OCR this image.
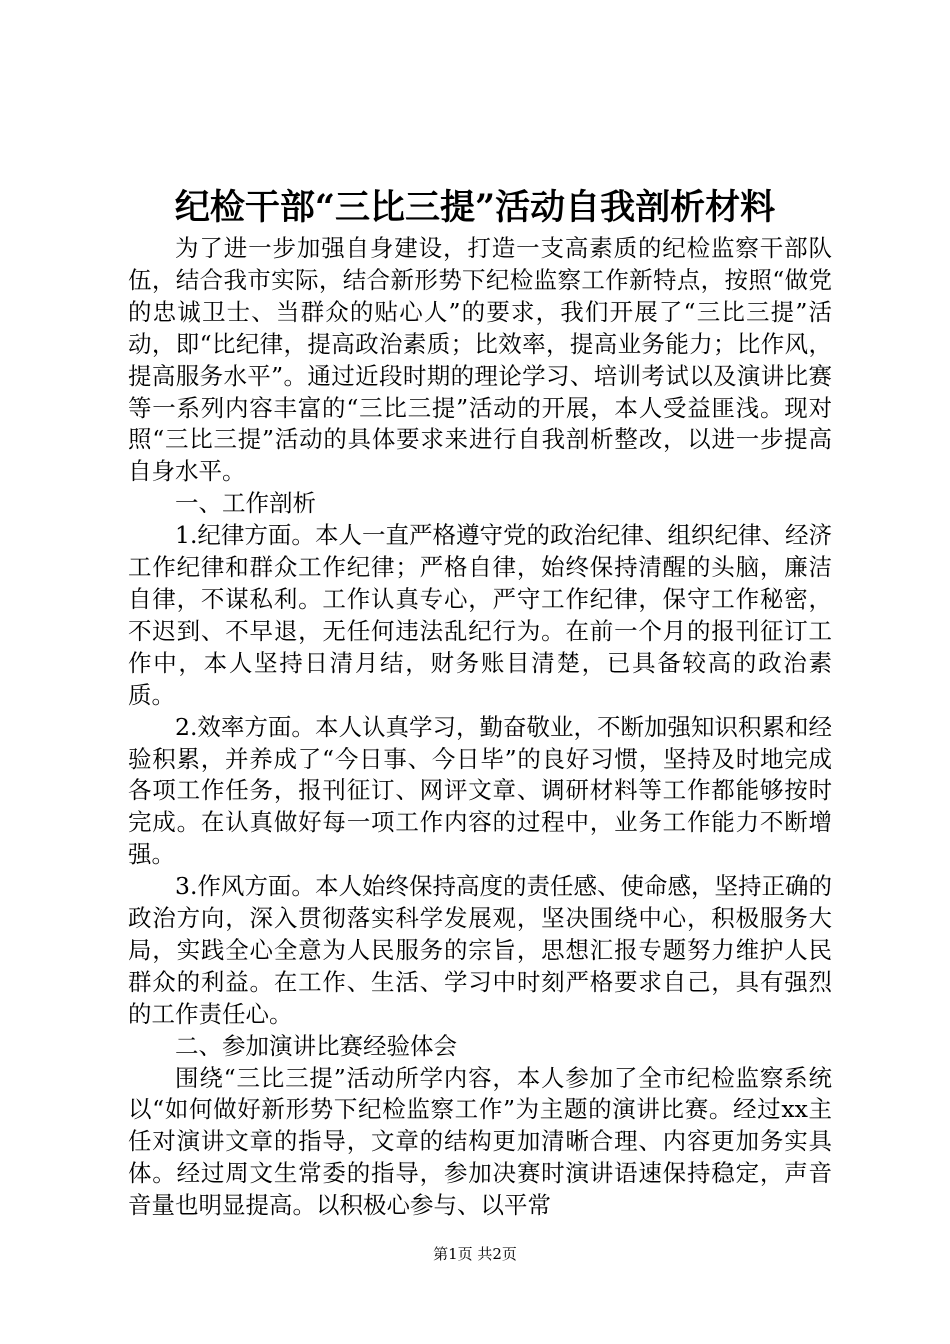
纪检干部“三比三提”活动自我剖析材料

为了进一步加强自身建设，打造一支高素质的纪检监察干部队伍，结合我市实际，结合新形势下纪检监察工作新特点，按照“做党的忠诚卫士、当群众的贴心人”的要求，我们开展了“三比三提”活动，即“比纪律，提高政治素质；比效率，提高业务能力；比作风，提高服务水平”。通过近段时期的理论学习、培训考试以及演讲比赛等一系列内容丰富的“三比三提”活动的开展，本人受益匪浅。现对照“三比三提”活动的具体要求来进行自我剖析整改，以进一步提高自身水平。

一、工作剖析

1.纪律方面。本人一直严格遵守党的政治纪律、组织纪律、经济工作纪律和群众工作纪律；严格自律，始终保持清醒的头脑，廉洁自律，不谋私利。工作认真专心，严守工作纪律，保守工作秘密，不迟到、不早退，无任何违法乱纪行为。在前一个月的报刊征订工作中，本人坚持日清月结，财务账目清楚，已具备较高的政治素质。

2.效率方面。本人认真学习，勤奋敬业，不断加强知识积累和经验积累，并养成了“今日事、今日毕”的良好习惯，坚持及时地完成各项工作任务，报刊征订、网评文章、调研材料等工作都能够按时完成。在认真做好每一项工作内容的过程中，业务工作能力不断增强。

3.作风方面。本人始终保持高度的责任感、使命感，坚持正确的政治方向，深入贯彻落实科学发展观，坚决围绕中心，积极服务大局，实践全心全意为人民服务的宗旨，思想汇报专题努力维护人民群众的利益。在工作、生活、学习中时刻严格要求自己，具有强烈的工作责任心。

二、参加演讲比赛经验体会

围绕“三比三提”活动所学内容，本人参加了全市纪检监察系统以“如何做好新形势下纪检监察工作”为主题的演讲比赛。经过xx主任对演讲文章的指导，文章的结构更加清晰合理、内容更加务实具体。经过周文生常委的指导，参加决赛时演讲语速保持稳定，声音音量也明显提高。以积极心参与、以平常

第1页 共2页
